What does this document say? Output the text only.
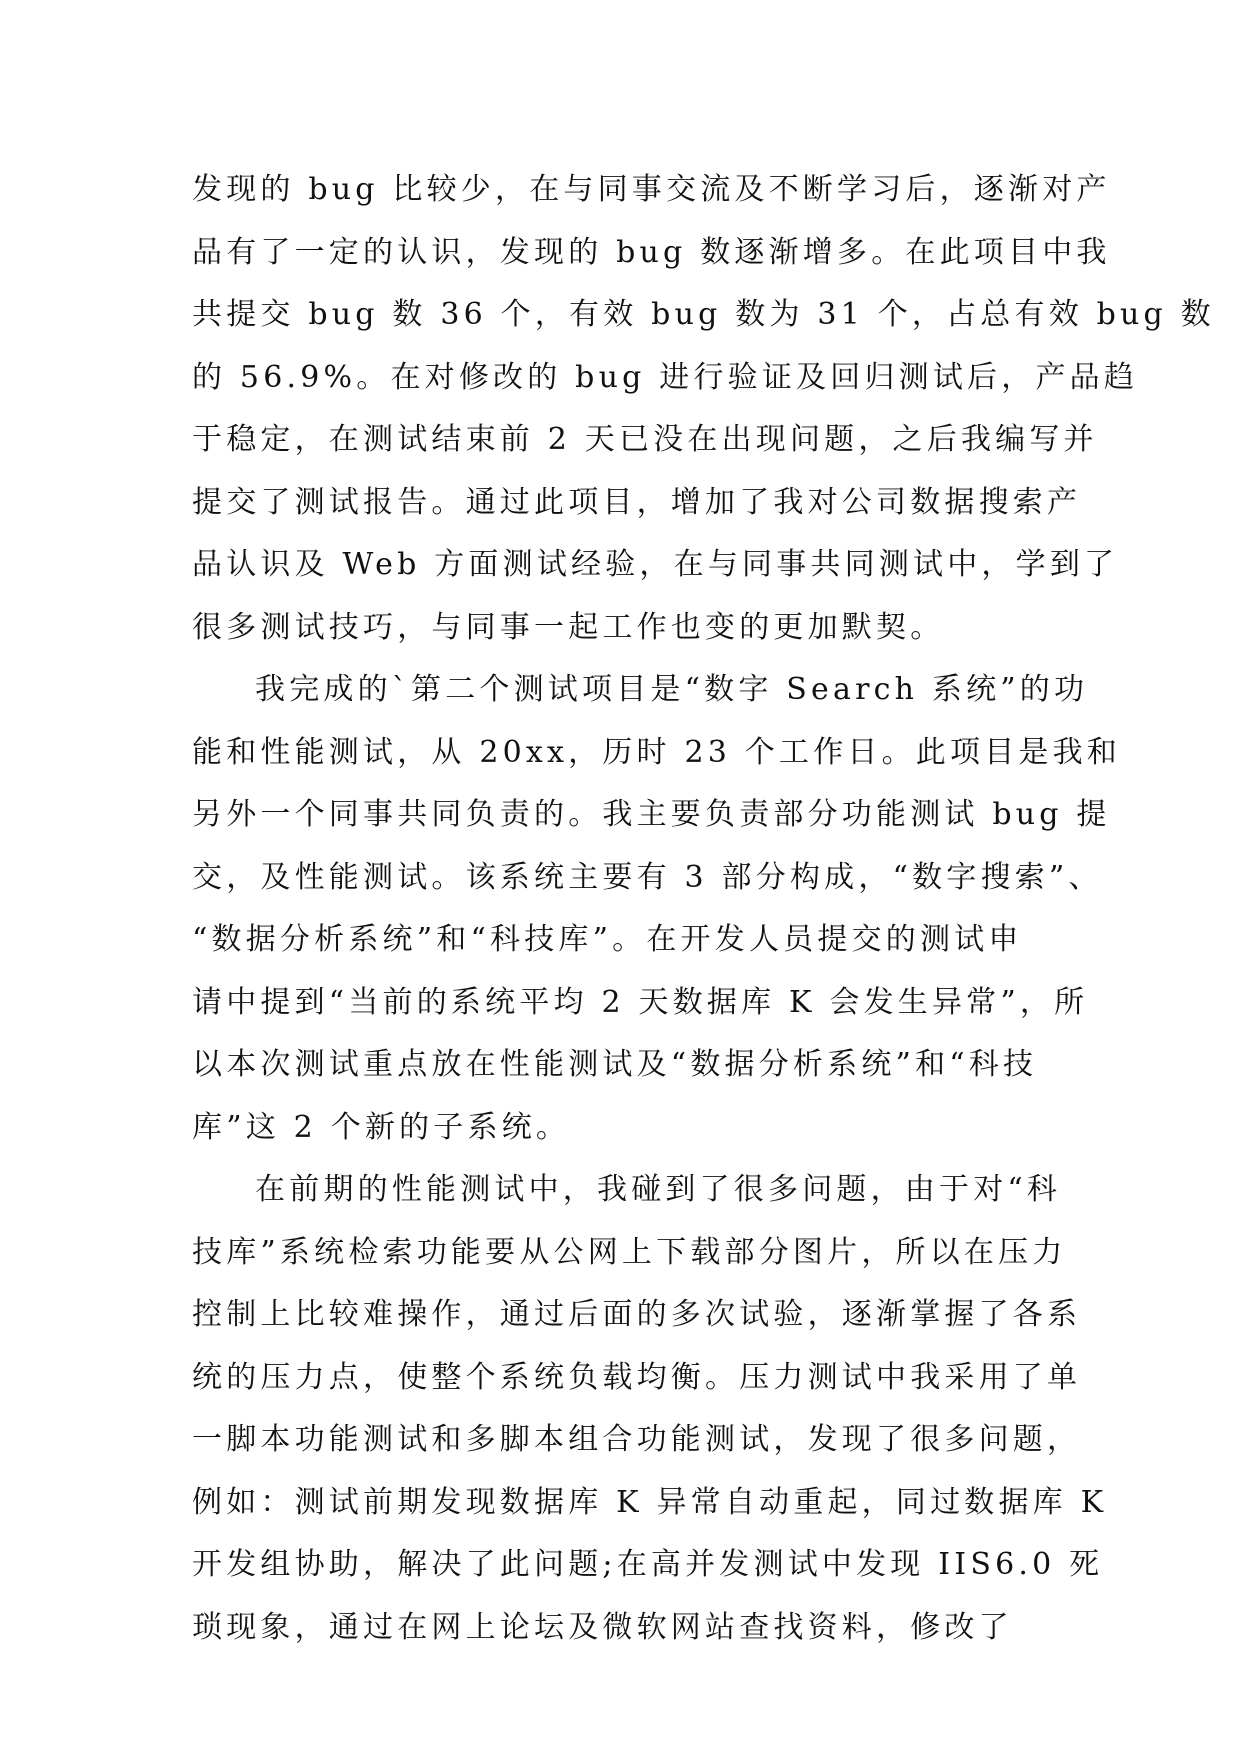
发现的 bug 比较少，在与同事交流及不断学习后，逐渐对产
品有了一定的认识，发现的 bug 数逐渐增多。在此项目中我
共提交 bug 数 36 个，有效 bug 数为 31 个，占总有效 bug 数
的 56.9%。在对修改的 bug 进行验证及回归测试后，产品趋
于稳定，在测试结束前 2 天已没在出现问题，之后我编写并
提交了测试报告。通过此项目，增加了我对公司数据搜索产
品认识及 Web 方面测试经验，在与同事共同测试中，学到了
很多测试技巧，与同事一起工作也变的更加默契。
我完成的`第二个测试项目是“数字 Search 系统”的功
能和性能测试，从 20xx，历时 23 个工作日。此项目是我和
另外一个同事共同负责的。我主要负责部分功能测试 bug 提
交，及性能测试。该系统主要有 3 部分构成，“数字搜索”、
“数据分析系统”和“科技库”。在开发人员提交的测试申
请中提到“当前的系统平均 2 天数据库 K 会发生异常”，所
以本次测试重点放在性能测试及“数据分析系统”和“科技
库”这 2 个新的子系统。
在前期的性能测试中，我碰到了很多问题，由于对“科
技库”系统检索功能要从公网上下载部分图片，所以在压力
控制上比较难操作，通过后面的多次试验，逐渐掌握了各系
统的压力点，使整个系统负载均衡。压力测试中我采用了单
一脚本功能测试和多脚本组合功能测试，发现了很多问题，
例如：测试前期发现数据库 K 异常自动重起，同过数据库 K
开发组协助，解决了此问题;在高并发测试中发现 IIS6.0 死
琐现象，通过在网上论坛及微软网站查找资料，修改了
